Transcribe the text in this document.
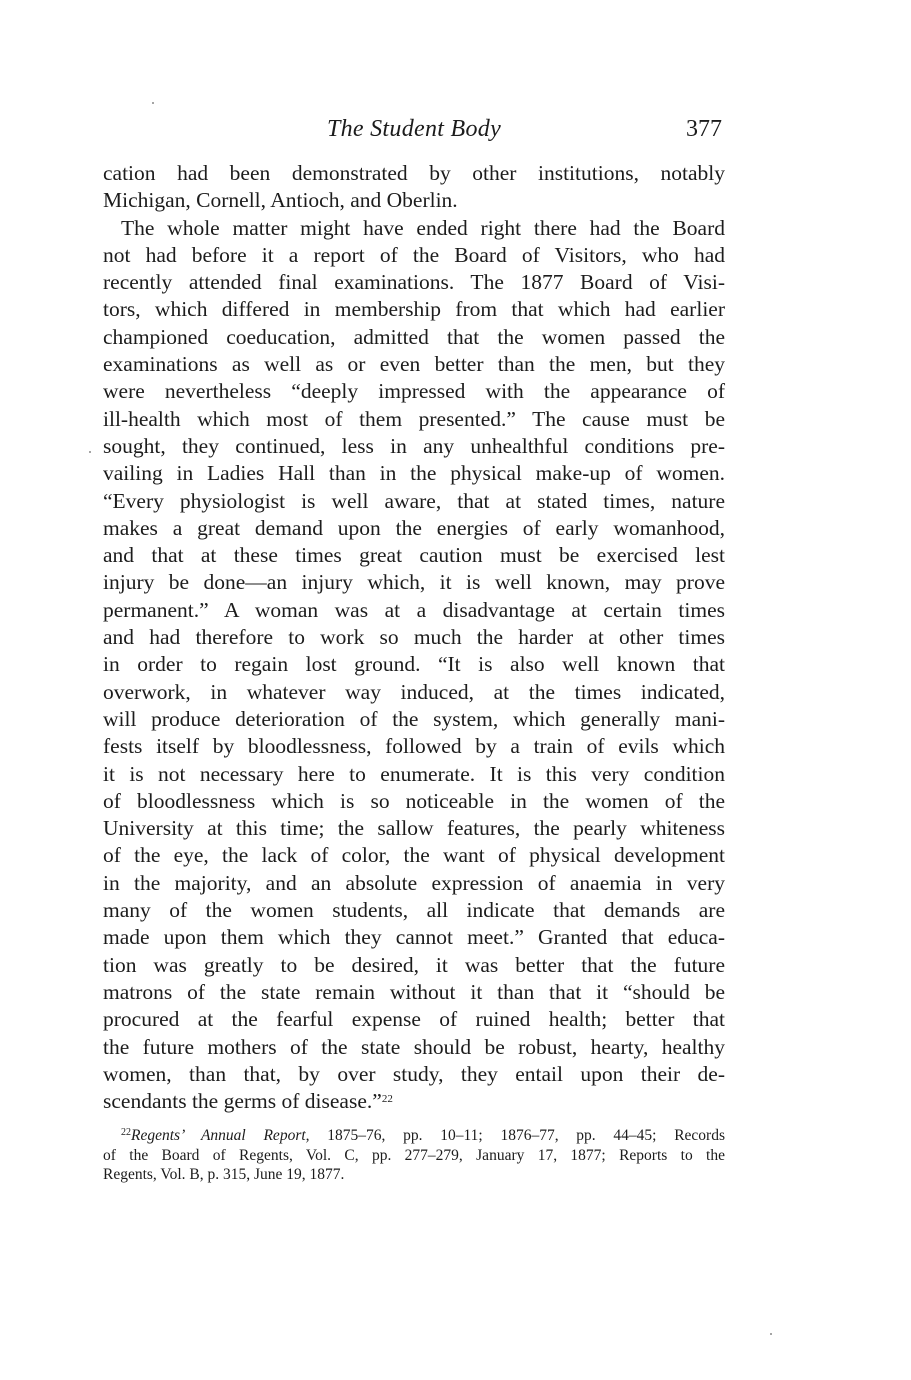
The Student Body	377
cation had been demonstrated by other institutions, notably
Michigan, Cornell, Antioch, and Oberlin.
The whole matter might have ended right there had the Board
not had before it a report of the Board of Visitors, who had
recently attended final examinations. The 1877 Board of Visi-
tors, which differed in membership from that which had earlier
championed coeducation, admitted that the women passed the
examinations as well as or even better than the men, but they
were nevertheless “deeply impressed with the appearance of
ill-health which most of them presented.” The cause must be
sought, they continued, less in any unhealthful conditions pre-
vailing in Ladies Hall than in the physical make-up of women.
“Every physiologist is well aware, that at stated times, nature
makes a great demand upon the energies of early womanhood,
and that at these times great caution must be exercised lest
injury be done—an injury which, it is well known, may prove
permanent.” A woman was at a disadvantage at certain times
and had therefore to work so much the harder at other times
in order to regain lost ground. “It is also well known that
overwork, in whatever way induced, at the times indicated,
will produce deterioration of the system, which generally mani-
fests itself by bloodlessness, followed by a train of evils which
it is not necessary here to enumerate. It is this very condition
of bloodlessness which is so noticeable in the women of the
University at this time; the sallow features, the pearly whiteness
of the eye, the lack of color, the want of physical development
in the majority, and an absolute expression of anaemia in very
many of the women students, all indicate that demands are
made upon them which they cannot meet.” Granted that educa-
tion was greatly to be desired, it was better that the future
matrons of the state remain without it than that it “should be
procured at the fearful expense of ruined health; better that
the future mothers of the state should be robust, hearty, healthy
women, than that, by over study, they entail upon their de-
scendants the germs of disease.”$^{22}$
$^{22}$Regents’ Annual Report, 1875–76, pp. 10–11; 1876–77, pp. 44–45; Records
of the Board of Regents, Vol. C, pp. 277–279, January 17, 1877; Reports to the
Regents, Vol. B, p. 315, June 19, 1877.
